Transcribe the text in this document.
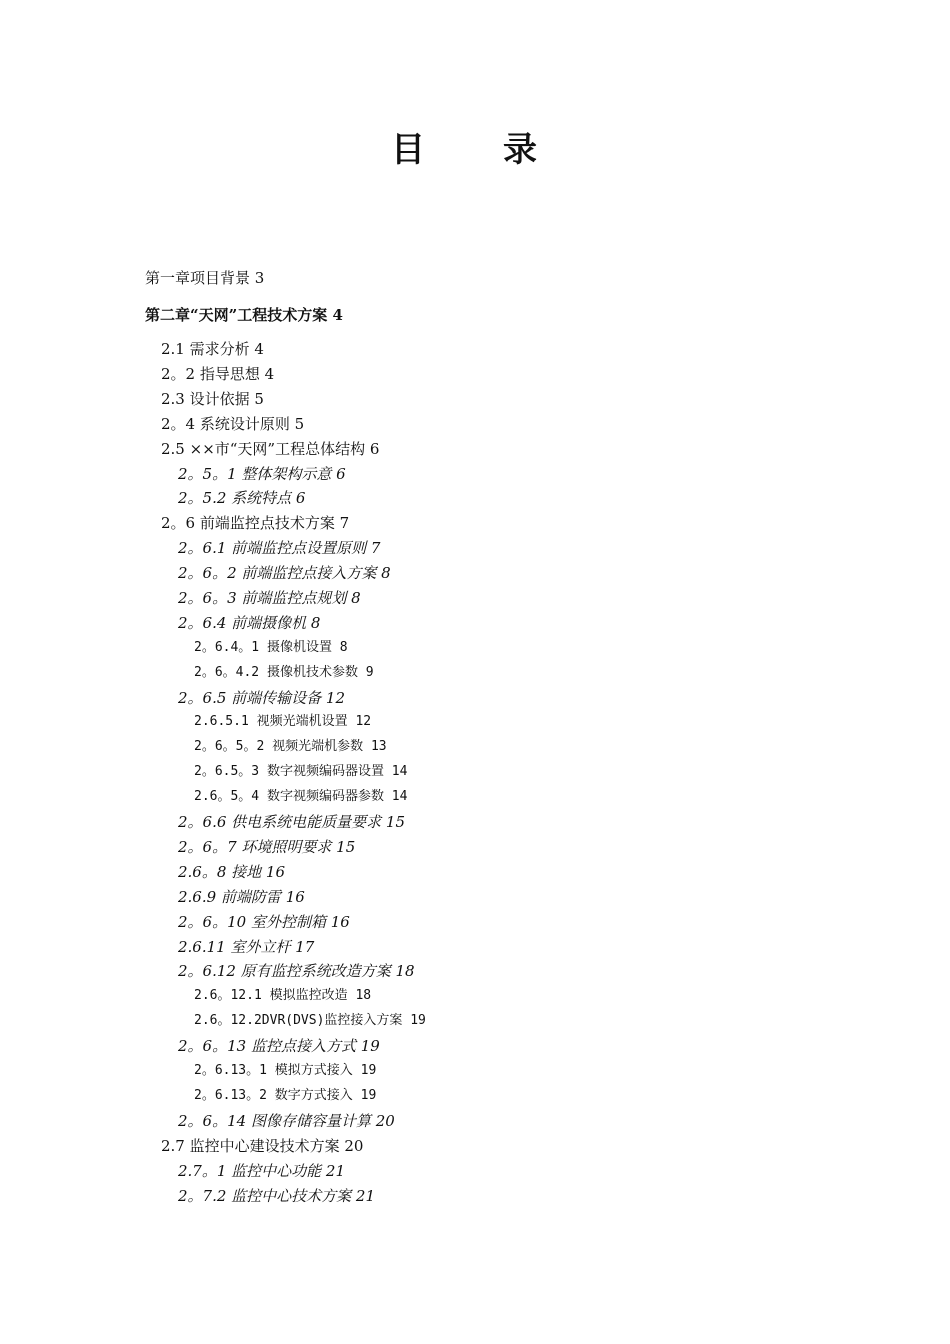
目　录
第一章项目背景 3
第二章“天网”工程技术方案 4
2.1 需求分析 4
2。2 指导思想 4
2.3 设计依据 5
2。4 系统设计原则 5
2.5 ××市“天网”工程总体结构 6
2。5。1 整体架构示意 6
2。5.2 系统特点 6
2。6 前端监控点技术方案 7
2。6.1 前端监控点设置原则 7
2。6。2 前端监控点接入方案 8
2。6。3 前端监控点规划 8
2。6.4 前端摄像机 8
2。6.4。1 摄像机设置 8
2。6。4.2 摄像机技术参数 9
2。6.5 前端传输设备 12
2.6.5.1 视频光端机设置 12
2。6。5。2 视频光端机参数 13
2。6.5。3 数字视频编码器设置 14
2.6。5。4 数字视频编码器参数 14
2。6.6 供电系统电能质量要求 15
2。6。7 环境照明要求 15
2.6。8 接地 16
2.6.9 前端防雷 16
2。6。10 室外控制箱 16
2.6.11 室外立杆 17
2。6.12 原有监控系统改造方案 18
2.6。12.1 模拟监控改造 18
2.6。12.2DVR(DVS)监控接入方案 19
2。6。13 监控点接入方式 19
2。6.13。1 模拟方式接入 19
2。6.13。2 数字方式接入 19
2。6。14 图像存储容量计算 20
2.7 监控中心建设技术方案 20
2.7。1 监控中心功能 21
2。7.2 监控中心技术方案 21
